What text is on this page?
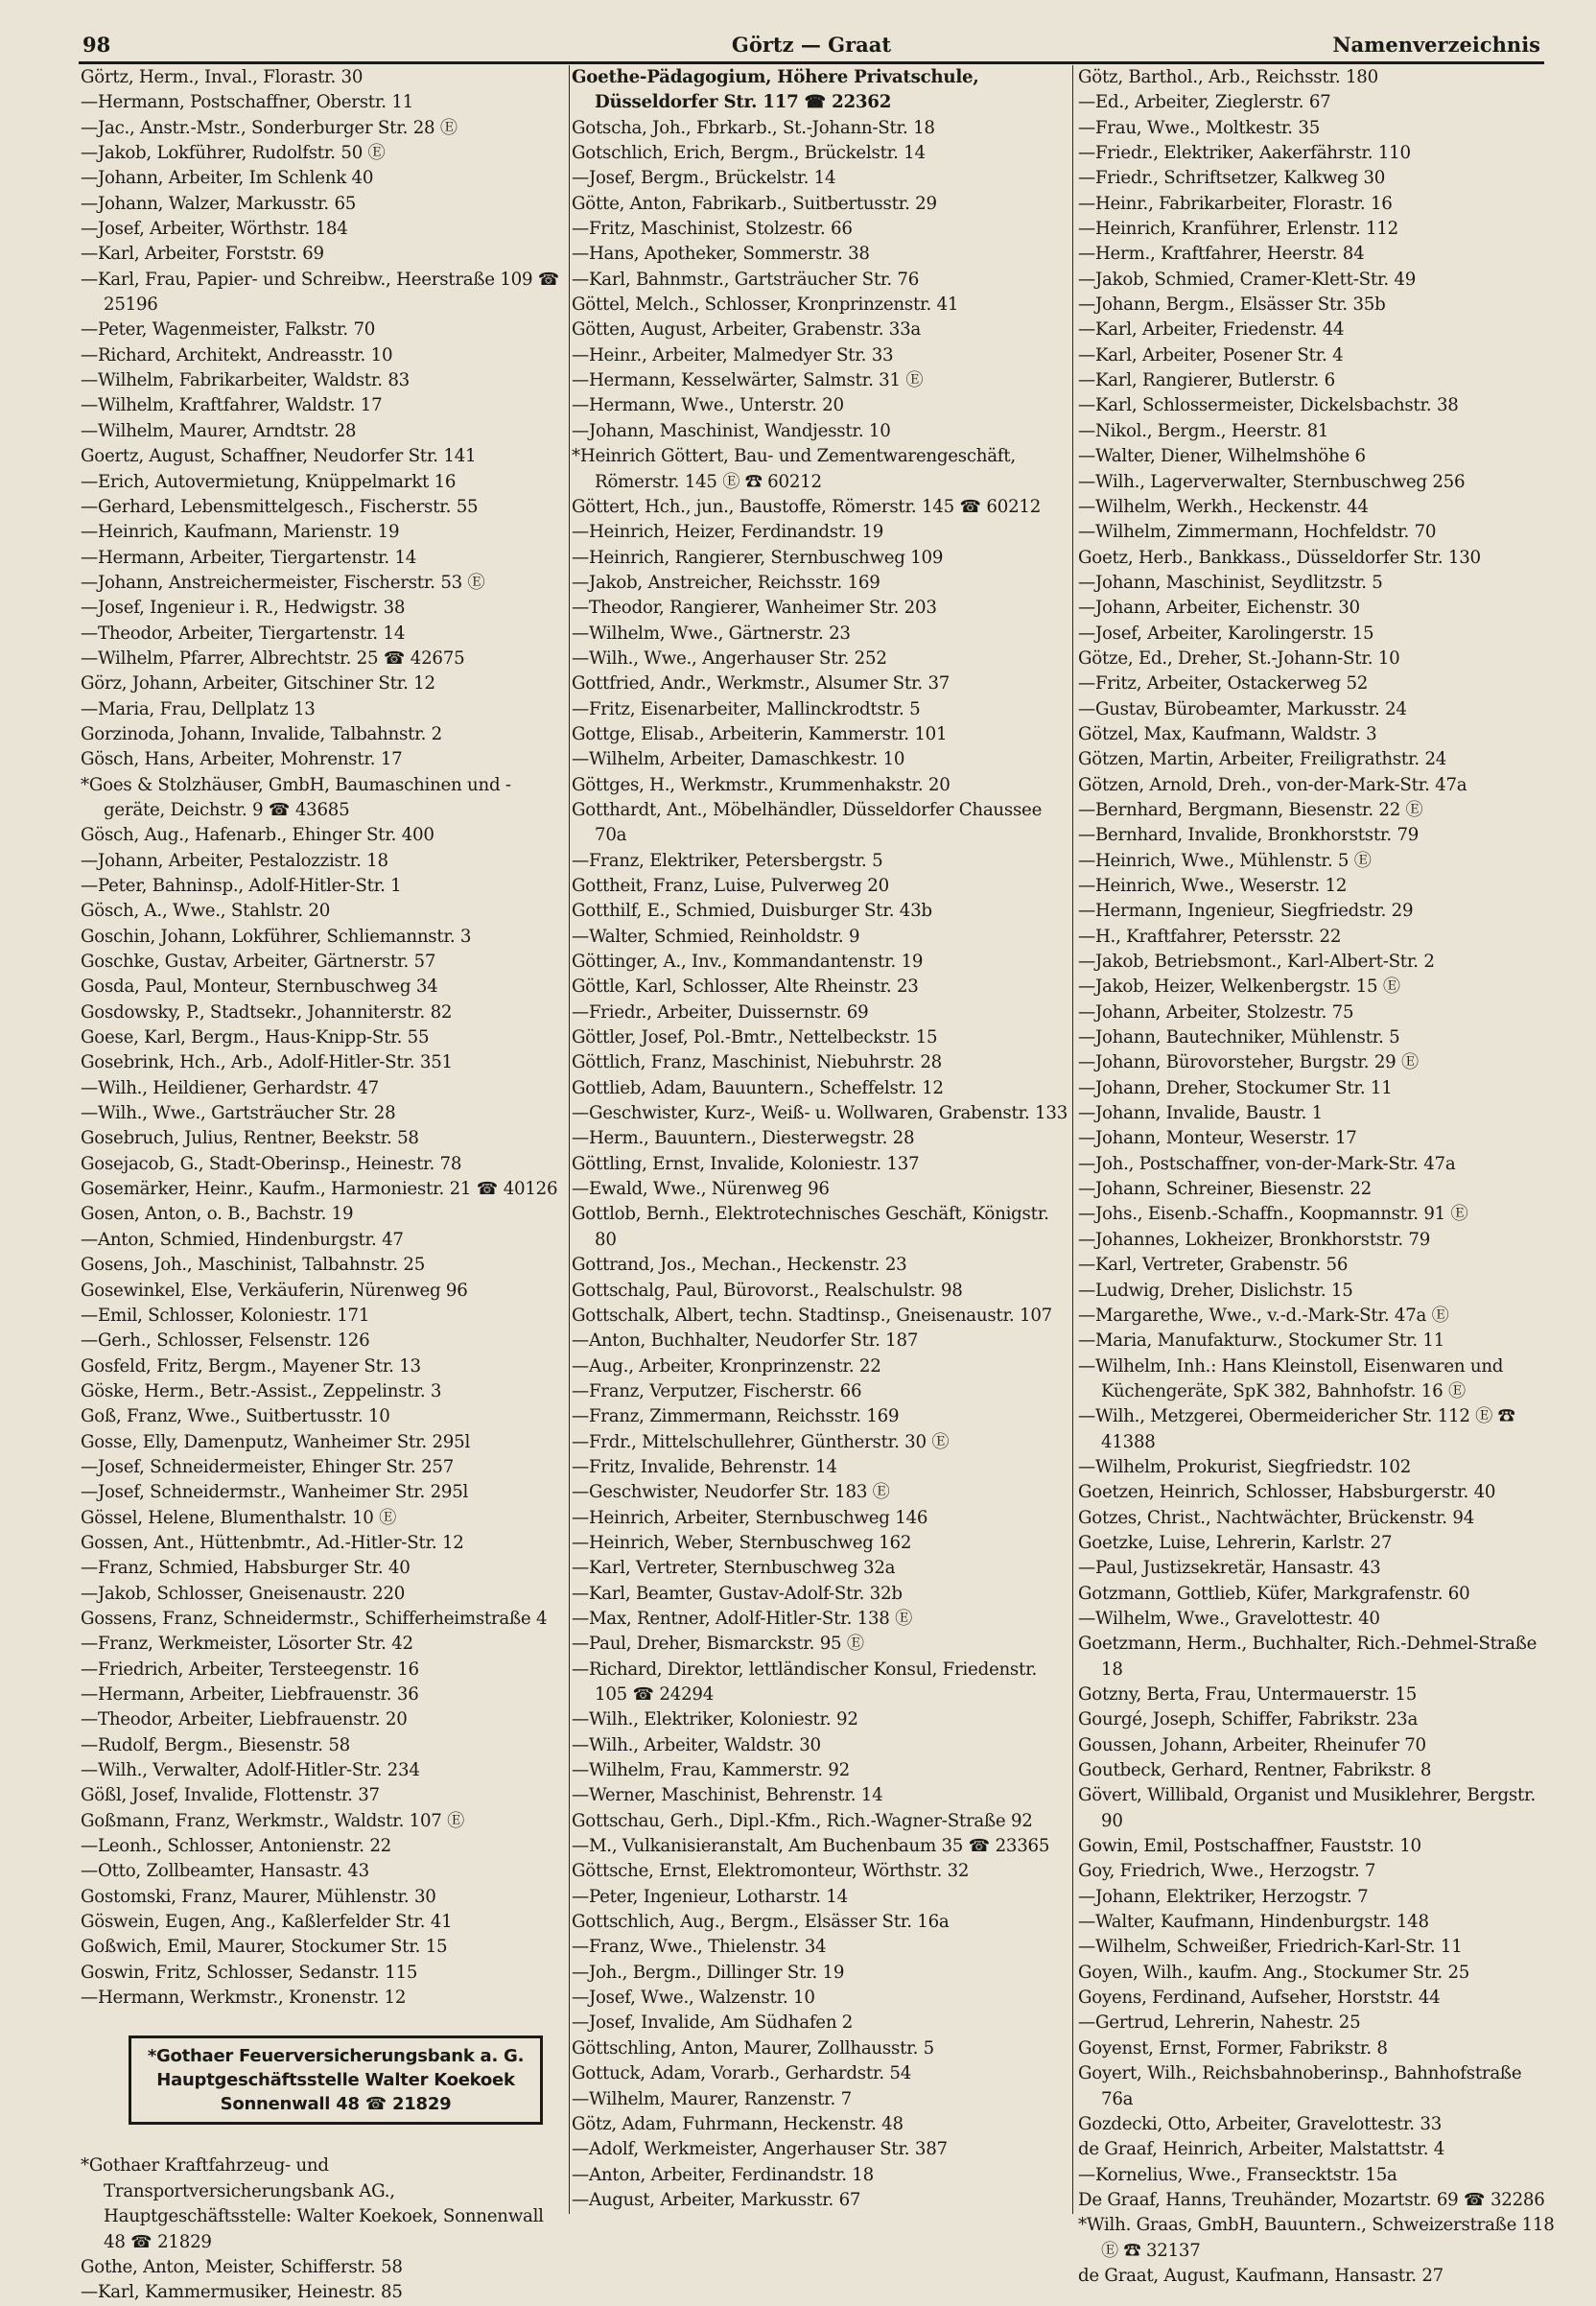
98	Görtz — Graat	Namenverzeichnis
Görtz, Herm., Inval., Florastr. 30
—Hermann, Postschaffner, Oberstr. 11
—Jac., Anstr.-Mstr., Sonderburger Str. 28 Ⓔ
—Jakob, Lokführer, Rudolfstr. 50 Ⓔ
—Johann, Arbeiter, Im Schlenk 40
—Johann, Walzer, Markusstr. 65
—Josef, Arbeiter, Wörthstr. 184
—Karl, Arbeiter, Forststr. 69
—Karl, Frau, Papier- und Schreibw., Heerstraße 109 ☎ 25196
—Peter, Wagenmeister, Falkstr. 70
—Richard, Architekt, Andreasstr. 10
—Wilhelm, Fabrikarbeiter, Waldstr. 83
—Wilhelm, Kraftfahrer, Waldstr. 17
—Wilhelm, Maurer, Arndtstr. 28
Goertz, August, Schaffner, Neudorfer Str. 141
—Erich, Autovermietung, Knüppelmarkt 16
—Gerhard, Lebensmittelgesch., Fischerstr. 55
—Heinrich, Kaufmann, Marienstr. 19
—Hermann, Arbeiter, Tiergartenstr. 14
—Johann, Anstreichermeister, Fischerstr. 53 Ⓔ
—Josef, Ingenieur i. R., Hedwigstr. 38
—Theodor, Arbeiter, Tiergartenstr. 14
—Wilhelm, Pfarrer, Albrechtstr. 25 ☎ 42675
Görz, Johann, Arbeiter, Gitschiner Str. 12
—Maria, Frau, Dellplatz 13
Gorzinoda, Johann, Invalide, Talbahnstr. 2
Gösch, Hans, Arbeiter, Mohrenstr. 17
*Goes & Stolzhäuser, GmbH, Baumaschinen und -geräte, Deichstr. 9 ☎ 43685
Gösch, Aug., Hafenarb., Ehinger Str. 400
—Johann, Arbeiter, Pestalozzistr. 18
—Peter, Bahninsp., Adolf-Hitler-Str. 1
Gösch, A., Wwe., Stahlstr. 20
Goschin, Johann, Lokführer, Schliemannstr. 3
Goschke, Gustav, Arbeiter, Gärtnerstr. 57
Gosda, Paul, Monteur, Sternbuschweg 34
Gosdowsky, P., Stadtsekr., Johanniterstr. 82
Goese, Karl, Bergm., Haus-Knipp-Str. 55
Gosebrink, Hch., Arb., Adolf-Hitler-Str. 351
—Wilh., Heildiener, Gerhardstr. 47
—Wilh., Wwe., Gartsträucher Str. 28
Gosebruch, Julius, Rentner, Beekstr. 58
Gosejacob, G., Stadt-Oberinsp., Heinestr. 78
Gosemärker, Heinr., Kaufm., Harmoniestr. 21 ☎ 40126
Gosen, Anton, o. B., Bachstr. 19
—Anton, Schmied, Hindenburgstr. 47
Gosens, Joh., Maschinist, Talbahnstr. 25
Gosewinkel, Else, Verkäuferin, Nürenweg 96
—Emil, Schlosser, Koloniestr. 171
—Gerh., Schlosser, Felsenstr. 126
Gosfeld, Fritz, Bergm., Mayener Str. 13
Göske, Herm., Betr.-Assist., Zeppelinstr. 3
Goß, Franz, Wwe., Suitbertusstr. 10
Gosse, Elly, Damenputz, Wanheimer Str. 295l
—Josef, Schneidermeister, Ehinger Str. 257
—Josef, Schneidermstr., Wanheimer Str. 295l
Gössel, Helene, Blumenthalstr. 10 Ⓔ
Gossen, Ant., Hüttenbmtr., Ad.-Hitler-Str. 12
—Franz, Schmied, Habsburger Str. 40
—Jakob, Schlosser, Gneisenaustr. 220
Gossens, Franz, Schneidermstr., Schifferheimstraße 4
—Franz, Werkmeister, Lösorter Str. 42
—Friedrich, Arbeiter, Tersteegenstr. 16
—Hermann, Arbeiter, Liebfrauenstr. 36
—Theodor, Arbeiter, Liebfrauenstr. 20
—Rudolf, Bergm., Biesenstr. 58
—Wilh., Verwalter, Adolf-Hitler-Str. 234
Gößl, Josef, Invalide, Flottenstr. 37
Goßmann, Franz, Werkmstr., Waldstr. 107 Ⓔ
—Leonh., Schlosser, Antonienstr. 22
—Otto, Zollbeamter, Hansastr. 43
Gostomski, Franz, Maurer, Mühlenstr. 30
Göswein, Eugen, Ang., Kaßlerfelder Str. 41
Goßwich, Emil, Maurer, Stockumer Str. 15
Goswin, Fritz, Schlosser, Sedanstr. 115
—Hermann, Werkmstr., Kronenstr. 12
*Gothaer Feuerversicherungsbank a. G.
Hauptgeschäftsstelle Walter Koekoek
Sonnenwall 48 ☎ 21829
*Gothaer Kraftfahrzeug- und Transportversicherungsbank AG., Hauptgeschäftsstelle: Walter Koekoek, Sonnenwall 48 ☎ 21829
Gothe, Anton, Meister, Schifferstr. 58
—Karl, Kammermusiker, Heinestr. 85
Goethe-Pädagogium, Höhere Privatschule, Düsseldorfer Str. 117 ☎ 22362
Gotscha, Joh., Fbrkarb., St.-Johann-Str. 18
Gotschlich, Erich, Bergm., Brückelstr. 14
—Josef, Bergm., Brückelstr. 14
Götte, Anton, Fabrikarb., Suitbertusstr. 29
—Fritz, Maschinist, Stolzestr. 66
—Hans, Apotheker, Sommerstr. 38
—Karl, Bahnmstr., Gartsträucher Str. 76
Göttel, Melch., Schlosser, Kronprinzenstr. 41
Götten, August, Arbeiter, Grabenstr. 33a
—Heinr., Arbeiter, Malmedyer Str. 33
—Hermann, Kesselwärter, Salmstr. 31 Ⓔ
—Hermann, Wwe., Unterstr. 20
—Johann, Maschinist, Wandjesstr. 10
*Heinrich Göttert, Bau- und Zementwarengeschäft, Römerstr. 145 Ⓔ ☎ 60212
Göttert, Hch., jun., Baustoffe, Römerstr. 145 ☎ 60212
—Heinrich, Heizer, Ferdinandstr. 19
—Heinrich, Rangierer, Sternbuschweg 109
—Jakob, Anstreicher, Reichsstr. 169
—Theodor, Rangierer, Wanheimer Str. 203
—Wilhelm, Wwe., Gärtnerstr. 23
—Wilh., Wwe., Angerhauser Str. 252
Gottfried, Andr., Werkmstr., Alsumer Str. 37
—Fritz, Eisenarbeiter, Mallinckrodtstr. 5
Gottge, Elisab., Arbeiterin, Kammerstr. 101
—Wilhelm, Arbeiter, Damaschkestr. 10
Göttges, H., Werkmstr., Krummenhakstr. 20
Gotthardt, Ant., Möbelhändler, Düsseldorfer Chaussee 70a
—Franz, Elektriker, Petersbergstr. 5
Gottheit, Franz, Luise, Pulverweg 20
Gotthilf, E., Schmied, Duisburger Str. 43b
—Walter, Schmied, Reinholdstr. 9
Göttinger, A., Inv., Kommandantenstr. 19
Göttle, Karl, Schlosser, Alte Rheinstr. 23
—Friedr., Arbeiter, Duissernstr. 69
Göttler, Josef, Pol.-Bmtr., Nettelbeckstr. 15
Göttlich, Franz, Maschinist, Niebuhrstr. 28
Gottlieb, Adam, Bauuntern., Scheffelstr. 12
—Geschwister, Kurz-, Weiß- u. Wollwaren, Grabenstr. 133
—Herm., Bauuntern., Diesterwegstr. 28
Göttling, Ernst, Invalide, Koloniestr. 137
—Ewald, Wwe., Nürenweg 96
Gottlob, Bernh., Elektrotechnisches Geschäft, Königstr. 80
Gottrand, Jos., Mechan., Heckenstr. 23
Gottschalg, Paul, Bürovorst., Realschulstr. 98
Gottschalk, Albert, techn. Stadtinsp., Gneisenaustr. 107
—Anton, Buchhalter, Neudorfer Str. 187
—Aug., Arbeiter, Kronprinzenstr. 22
—Franz, Verputzer, Fischerstr. 66
—Franz, Zimmermann, Reichsstr. 169
—Frdr., Mittelschullehrer, Güntherstr. 30 Ⓔ
—Fritz, Invalide, Behrenstr. 14
—Geschwister, Neudorfer Str. 183 Ⓔ
—Heinrich, Arbeiter, Sternbuschweg 146
—Heinrich, Weber, Sternbuschweg 162
—Karl, Vertreter, Sternbuschweg 32a
—Karl, Beamter, Gustav-Adolf-Str. 32b
—Max, Rentner, Adolf-Hitler-Str. 138 Ⓔ
—Paul, Dreher, Bismarckstr. 95 Ⓔ
—Richard, Direktor, lettländischer Konsul, Friedenstr. 105 ☎ 24294
—Wilh., Elektriker, Koloniestr. 92
—Wilh., Arbeiter, Waldstr. 30
—Wilhelm, Frau, Kammerstr. 92
—Werner, Maschinist, Behrenstr. 14
Gottschau, Gerh., Dipl.-Kfm., Rich.-Wagner-Straße 92
—M., Vulkanisieranstalt, Am Buchenbaum 35 ☎ 23365
Göttsche, Ernst, Elektromonteur, Wörthstr. 32
—Peter, Ingenieur, Lotharstr. 14
Gottschlich, Aug., Bergm., Elsässer Str. 16a
—Franz, Wwe., Thielenstr. 34
—Joh., Bergm., Dillinger Str. 19
—Josef, Wwe., Walzenstr. 10
—Josef, Invalide, Am Südhafen 2
Göttschling, Anton, Maurer, Zollhausstr. 5
Gottuck, Adam, Vorarb., Gerhardstr. 54
—Wilhelm, Maurer, Ranzenstr. 7
Götz, Adam, Fuhrmann, Heckenstr. 48
—Adolf, Werkmeister, Angerhauser Str. 387
—Anton, Arbeiter, Ferdinandstr. 18
—August, Arbeiter, Markusstr. 67
Götz, Barthol., Arb., Reichsstr. 180
—Ed., Arbeiter, Zieglerstr. 67
—Frau, Wwe., Moltkestr. 35
—Friedr., Elektriker, Aakerfährstr. 110
—Friedr., Schriftsetzer, Kalkweg 30
—Heinr., Fabrikarbeiter, Florastr. 16
—Heinrich, Kranführer, Erlenstr. 112
—Herm., Kraftfahrer, Heerstr. 84
—Jakob, Schmied, Cramer-Klett-Str. 49
—Johann, Bergm., Elsässer Str. 35b
—Karl, Arbeiter, Friedenstr. 44
—Karl, Arbeiter, Posener Str. 4
—Karl, Rangierer, Butlerstr. 6
—Karl, Schlossermeister, Dickelsbachstr. 38
—Nikol., Bergm., Heerstr. 81
—Walter, Diener, Wilhelmshöhe 6
—Wilh., Lagerverwalter, Sternbuschweg 256
—Wilhelm, Werkh., Heckenstr. 44
—Wilhelm, Zimmermann, Hochfeldstr. 70
Goetz, Herb., Bankkass., Düsseldorfer Str. 130
—Johann, Maschinist, Seydlitzstr. 5
—Johann, Arbeiter, Eichenstr. 30
—Josef, Arbeiter, Karolingerstr. 15
Götze, Ed., Dreher, St.-Johann-Str. 10
—Fritz, Arbeiter, Ostackerweg 52
—Gustav, Bürobeamter, Markusstr. 24
Götzel, Max, Kaufmann, Waldstr. 3
Götzen, Martin, Arbeiter, Freiligrathstr. 24
Götzen, Arnold, Dreh., von-der-Mark-Str. 47a
—Bernhard, Bergmann, Biesenstr. 22 Ⓔ
—Bernhard, Invalide, Bronkhorststr. 79
—Heinrich, Wwe., Mühlenstr. 5 Ⓔ
—Heinrich, Wwe., Weserstr. 12
—Hermann, Ingenieur, Siegfriedstr. 29
—H., Kraftfahrer, Petersstr. 22
—Jakob, Betriebsmont., Karl-Albert-Str. 2
—Jakob, Heizer, Welkenbergstr. 15 Ⓔ
—Johann, Arbeiter, Stolzestr. 75
—Johann, Bautechniker, Mühlenstr. 5
—Johann, Bürovorsteher, Burgstr. 29 Ⓔ
—Johann, Dreher, Stockumer Str. 11
—Johann, Invalide, Baustr. 1
—Johann, Monteur, Weserstr. 17
—Joh., Postschaffner, von-der-Mark-Str. 47a
—Johann, Schreiner, Biesenstr. 22
—Johs., Eisenb.-Schaffn., Koopmannstr. 91 Ⓔ
—Johannes, Lokheizer, Bronkhorststr. 79
—Karl, Vertreter, Grabenstr. 56
—Ludwig, Dreher, Dislichstr. 15
—Margarethe, Wwe., v.-d.-Mark-Str. 47a Ⓔ
—Maria, Manufakturw., Stockumer Str. 11
—Wilhelm, Inh.: Hans Kleinstoll, Eisenwaren und Küchengeräte, SpK 382, Bahnhofstr. 16 Ⓔ
—Wilh., Metzgerei, Obermeidericher Str. 112 Ⓔ ☎ 41388
—Wilhelm, Prokurist, Siegfriedstr. 102
Goetzen, Heinrich, Schlosser, Habsburgerstr. 40
Gotzes, Christ., Nachtwächter, Brückenstr. 94
Goetzke, Luise, Lehrerin, Karlstr. 27
—Paul, Justizsekretär, Hansastr. 43
Gotzmann, Gottlieb, Küfer, Markgrafenstr. 60
—Wilhelm, Wwe., Gravelottestr. 40
Goetzmann, Herm., Buchhalter, Rich.-Dehmel-Straße 18
Gotzny, Berta, Frau, Untermauerstr. 15
Gourgé, Joseph, Schiffer, Fabrikstr. 23a
Goussen, Johann, Arbeiter, Rheinufer 70
Goutbeck, Gerhard, Rentner, Fabrikstr. 8
Gövert, Willibald, Organist und Musiklehrer, Bergstr. 90
Gowin, Emil, Postschaffner, Fauststr. 10
Goy, Friedrich, Wwe., Herzogstr. 7
—Johann, Elektriker, Herzogstr. 7
—Walter, Kaufmann, Hindenburgstr. 148
—Wilhelm, Schweißer, Friedrich-Karl-Str. 11
Goyen, Wilh., kaufm. Ang., Stockumer Str. 25
Goyens, Ferdinand, Aufseher, Horststr. 44
—Gertrud, Lehrerin, Nahestr. 25
Goyenst, Ernst, Former, Fabrikstr. 8
Goyert, Wilh., Reichsbahnoberinsp., Bahnhofstraße 76a
Gozdecki, Otto, Arbeiter, Gravelottestr. 33
de Graaf, Heinrich, Arbeiter, Malstattstr. 4
—Kornelius, Wwe., Fransecktstr. 15a
De Graaf, Hanns, Treuhänder, Mozartstr. 69 ☎ 32286
*Wilh. Graas, GmbH, Bauuntern., Schweizerstraße 118 Ⓔ ☎ 32137
de Graat, August, Kaufmann, Hansastr. 27
